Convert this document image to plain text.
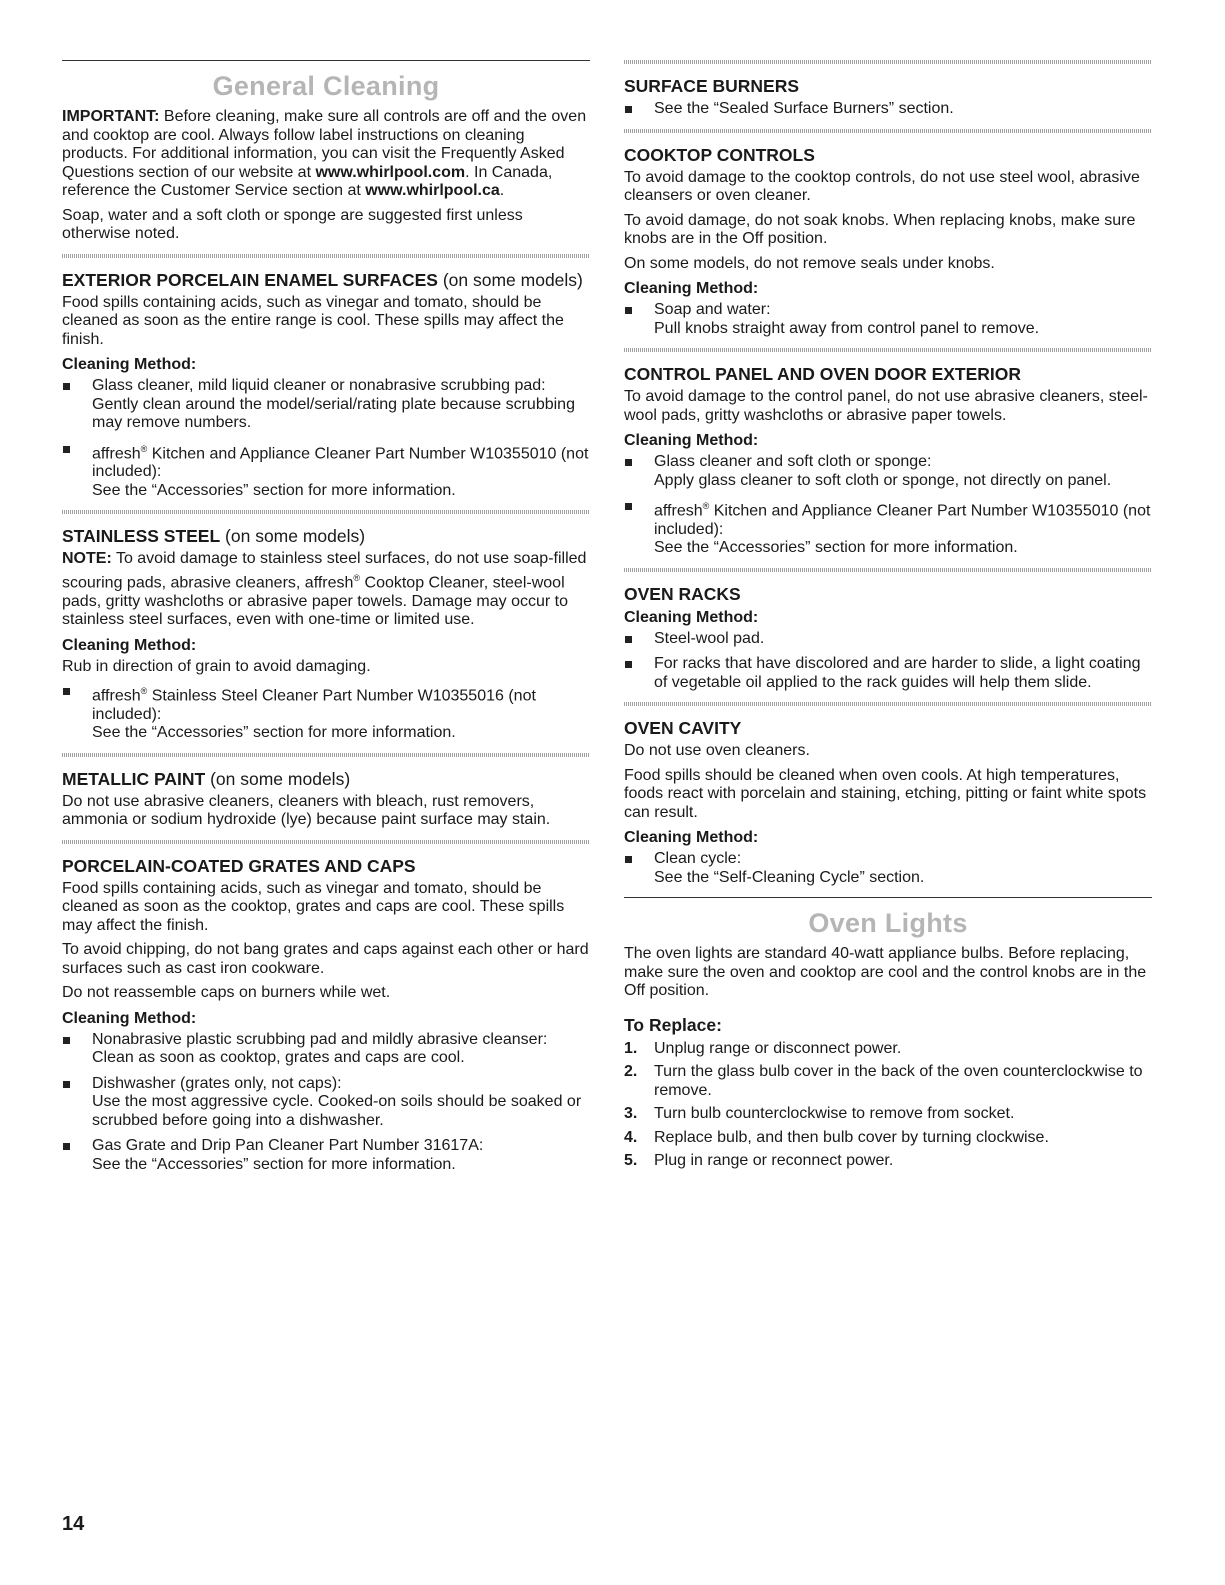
General Cleaning

IMPORTANT: Before cleaning, make sure all controls are off and the oven and cooktop are cool. Always follow label instructions on cleaning products. For additional information, you can visit the Frequently Asked Questions section of our website at www.whirlpool.com. In Canada, reference the Customer Service section at www.whirlpool.ca.

Soap, water and a soft cloth or sponge are suggested first unless otherwise noted.

EXTERIOR PORCELAIN ENAMEL SURFACES (on some models)

Food spills containing acids, such as vinegar and tomato, should be cleaned as soon as the entire range is cool. These spills may affect the finish.

Cleaning Method:
Glass cleaner, mild liquid cleaner or nonabrasive scrubbing pad:
Gently clean around the model/serial/rating plate because scrubbing may remove numbers.
affresh® Kitchen and Appliance Cleaner Part Number W10355010 (not included):
See the “Accessories” section for more information.
STAINLESS STEEL (on some models)

NOTE: To avoid damage to stainless steel surfaces, do not use soap-filled scouring pads, abrasive cleaners, affresh® Cooktop Cleaner, steel-wool pads, gritty washcloths or abrasive paper towels. Damage may occur to stainless steel surfaces, even with one-time or limited use.

Cleaning Method:

Rub in direction of grain to avoid damaging.

affresh® Stainless Steel Cleaner Part Number W10355016 (not included):
See the “Accessories” section for more information.
METALLIC PAINT (on some models)

Do not use abrasive cleaners, cleaners with bleach, rust removers, ammonia or sodium hydroxide (lye) because paint surface may stain.

PORCELAIN-COATED GRATES AND CAPS

Food spills containing acids, such as vinegar and tomato, should be cleaned as soon as the cooktop, grates and caps are cool. These spills may affect the finish.

To avoid chipping, do not bang grates and caps against each other or hard surfaces such as cast iron cookware.

Do not reassemble caps on burners while wet.

Cleaning Method:
Nonabrasive plastic scrubbing pad and mildly abrasive cleanser:
Clean as soon as cooktop, grates and caps are cool.
Dishwasher (grates only, not caps):
Use the most aggressive cycle. Cooked-on soils should be soaked or scrubbed before going into a dishwasher.
Gas Grate and Drip Pan Cleaner Part Number 31617A:
See the “Accessories” section for more information.
SURFACE BURNERS
See the “Sealed Surface Burners” section.
COOKTOP CONTROLS

To avoid damage to the cooktop controls, do not use steel wool, abrasive cleansers or oven cleaner.

To avoid damage, do not soak knobs. When replacing knobs, make sure knobs are in the Off position.

On some models, do not remove seals under knobs.

Cleaning Method:
Soap and water:
Pull knobs straight away from control panel to remove.
CONTROL PANEL AND OVEN DOOR EXTERIOR

To avoid damage to the control panel, do not use abrasive cleaners, steel-wool pads, gritty washcloths or abrasive paper towels.

Cleaning Method:
Glass cleaner and soft cloth or sponge:
Apply glass cleaner to soft cloth or sponge, not directly on panel.
affresh® Kitchen and Appliance Cleaner Part Number W10355010 (not included):
See the “Accessories” section for more information.
OVEN RACKS
Cleaning Method:
Steel-wool pad.
For racks that have discolored and are harder to slide, a light coating of vegetable oil applied to the rack guides will help them slide.
OVEN CAVITY

Do not use oven cleaners.

Food spills should be cleaned when oven cools. At high temperatures, foods react with porcelain and staining, etching, pitting or faint white spots can result.

Cleaning Method:
Clean cycle:
See the “Self-Cleaning Cycle” section.
Oven Lights

The oven lights are standard 40-watt appliance bulbs. Before replacing, make sure the oven and cooktop are cool and the control knobs are in the Off position.

To Replace:
1. Unplug range or disconnect power.
2. Turn the glass bulb cover in the back of the oven counterclockwise to remove.
3. Turn bulb counterclockwise to remove from socket.
4. Replace bulb, and then bulb cover by turning clockwise.
5. Plug in range or reconnect power.
14
